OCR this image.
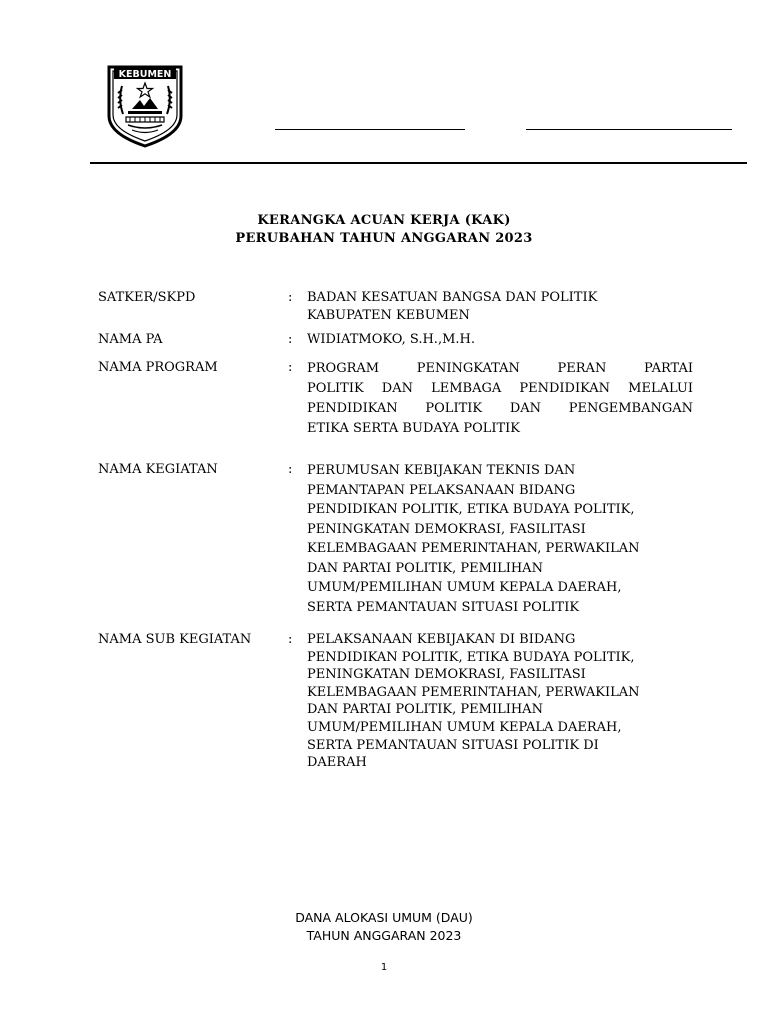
KEBUMEN
KERANGKA ACUAN KERJA (KAK)
PERUBAHAN TAHUN ANGGARAN 2023
SATKER/SKPD	: BADAN KESATUAN BANGSA DAN POLITIK
KABUPATEN KEBUMEN
NAMA PA	: WIDIATMOKO, S.H.,M.H.
NAMA PROGRAM	: PROGRAM PENINGKATAN PERAN PARTAI
POLITIK DAN LEMBAGA PENDIDIKAN MELALUI
PENDIDIKAN POLITIK DAN PENGEMBANGAN
ETIKA SERTA BUDAYA POLITIK
NAMA KEGIATAN	: PERUMUSAN KEBIJAKAN TEKNIS DAN
PEMANTAPAN PELAKSANAAN BIDANG
PENDIDIKAN POLITIK, ETIKA BUDAYA POLITIK,
PENINGKATAN DEMOKRASI, FASILITASI
KELEMBAGAAN PEMERINTAHAN, PERWAKILAN
DAN PARTAI POLITIK, PEMILIHAN
UMUM/PEMILIHAN UMUM KEPALA DAERAH,
SERTA PEMANTAUAN SITUASI POLITIK
NAMA SUB KEGIATAN	: PELAKSANAAN KEBIJAKAN DI BIDANG
PENDIDIKAN POLITIK, ETIKA BUDAYA POLITIK,
PENINGKATAN DEMOKRASI, FASILITASI
KELEMBAGAAN PEMERINTAHAN, PERWAKILAN
DAN PARTAI POLITIK, PEMILIHAN
UMUM/PEMILIHAN UMUM KEPALA DAERAH,
SERTA PEMANTAUAN SITUASI POLITIK DI
DAERAH
DANA ALOKASI UMUM (DAU)
TAHUN ANGGARAN 2023
1
